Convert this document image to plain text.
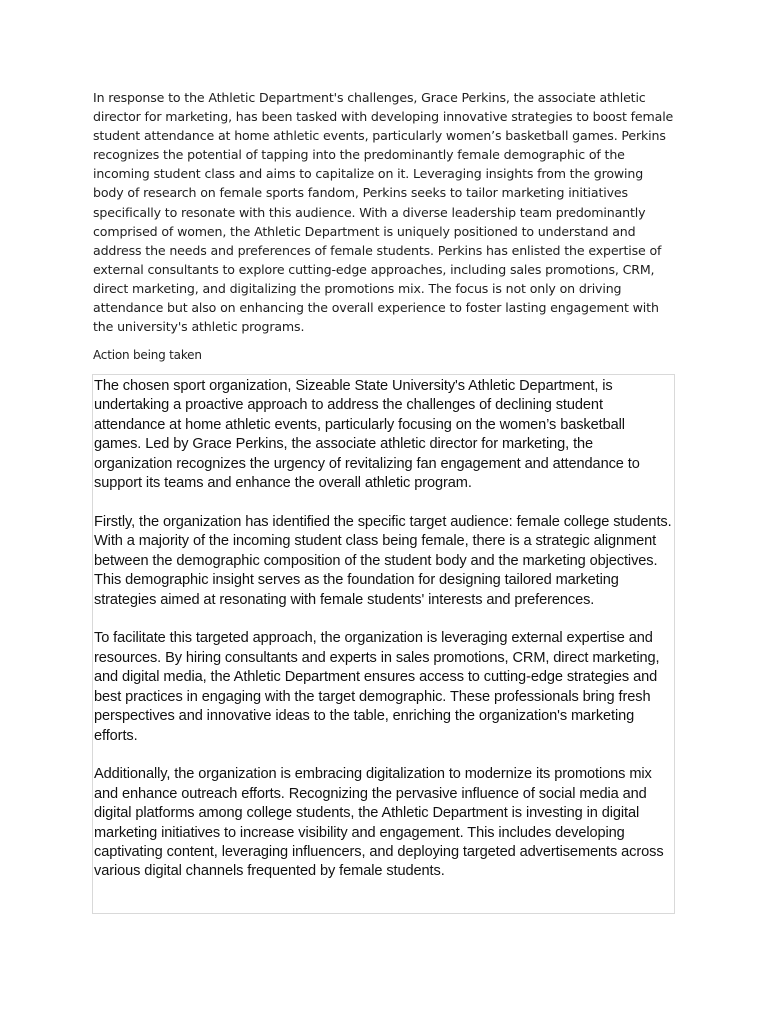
In response to the Athletic Department's challenges, Grace Perkins, the associate athletic director for marketing, has been tasked with developing innovative strategies to boost female student attendance at home athletic events, particularly women’s basketball games. Perkins recognizes the potential of tapping into the predominantly female demographic of the incoming student class and aims to capitalize on it. Leveraging insights from the growing body of research on female sports fandom, Perkins seeks to tailor marketing initiatives specifically to resonate with this audience. With a diverse leadership team predominantly comprised of women, the Athletic Department is uniquely positioned to understand and address the needs and preferences of female students. Perkins has enlisted the expertise of external consultants to explore cutting-edge approaches, including sales promotions, CRM, direct marketing, and digitalizing the promotions mix. The focus is not only on driving attendance but also on enhancing the overall experience to foster lasting engagement with the university's athletic programs.

Action being taken

The chosen sport organization, Sizeable State University's Athletic Department, is undertaking a proactive approach to address the challenges of declining student attendance at home athletic events, particularly focusing on the women’s basketball games. Led by Grace Perkins, the associate athletic director for marketing, the organization recognizes the urgency of revitalizing fan engagement and attendance to support its teams and enhance the overall athletic program.

Firstly, the organization has identified the specific target audience: female college students. With a majority of the incoming student class being female, there is a strategic alignment between the demographic composition of the student body and the marketing objectives. This demographic insight serves as the foundation for designing tailored marketing strategies aimed at resonating with female students' interests and preferences.

To facilitate this targeted approach, the organization is leveraging external expertise and resources. By hiring consultants and experts in sales promotions, CRM, direct marketing, and digital media, the Athletic Department ensures access to cutting-edge strategies and best practices in engaging with the target demographic. These professionals bring fresh perspectives and innovative ideas to the table, enriching the organization's marketing efforts.

Additionally, the organization is embracing digitalization to modernize its promotions mix and enhance outreach efforts. Recognizing the pervasive influence of social media and digital platforms among college students, the Athletic Department is investing in digital marketing initiatives to increase visibility and engagement. This includes developing captivating content, leveraging influencers, and deploying targeted advertisements across various digital channels frequented by female students.
